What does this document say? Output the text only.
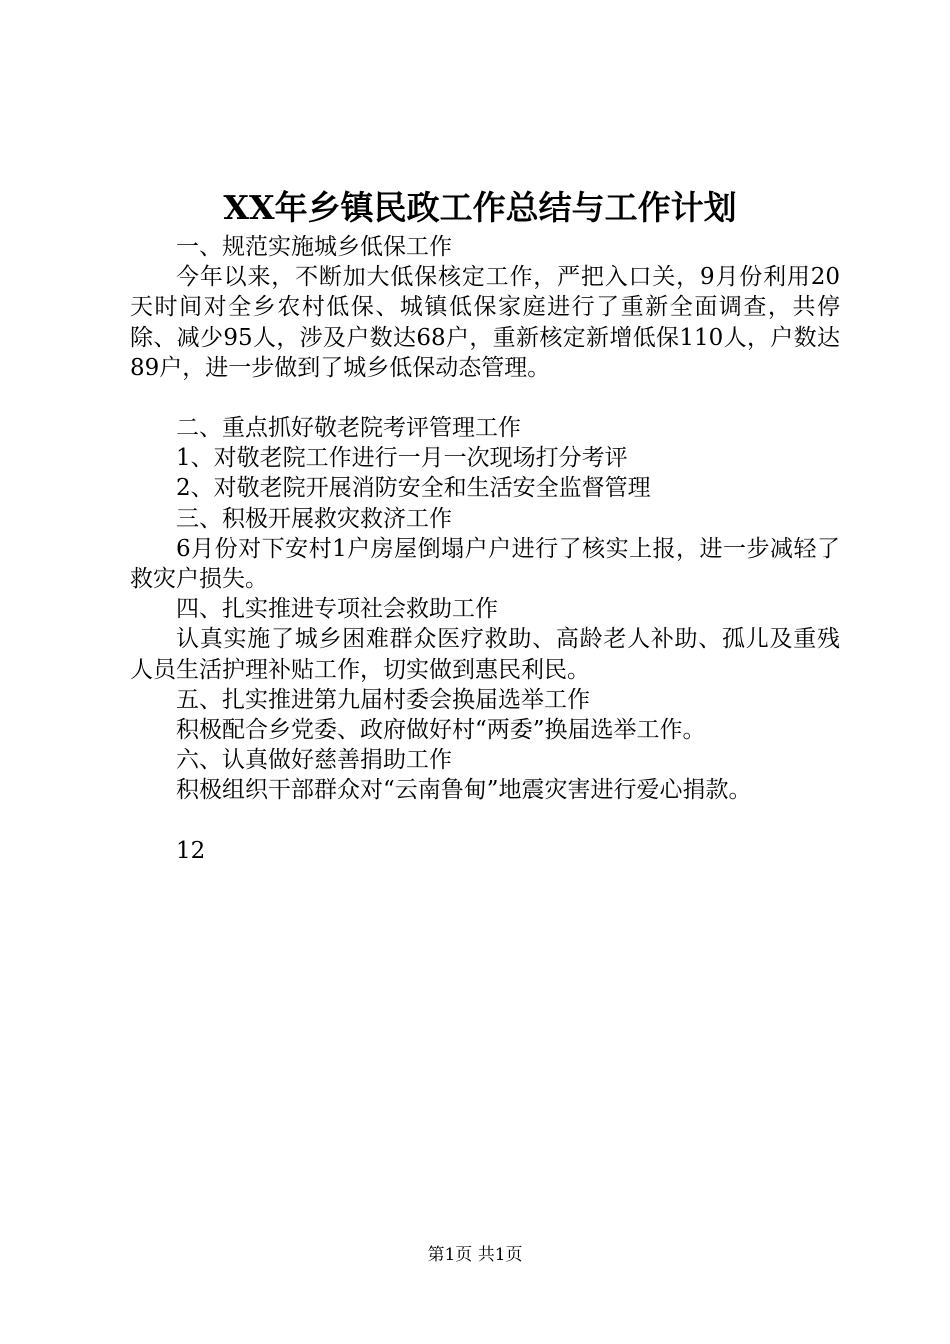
XX年乡镇民政工作总结与工作计划

一、规范实施城乡低保工作

今年以来，不断加大低保核定工作，严把入口关，9月份利用20天时间对全乡农村低保、城镇低保家庭进行了重新全面调查，共停除、减少95人，涉及户数达68户，重新核定新增低保110人，户数达89户，进一步做到了城乡低保动态管理。

二、重点抓好敬老院考评管理工作

1、对敬老院工作进行一月一次现场打分考评

2、对敬老院开展消防安全和生活安全监督管理

三、积极开展救灾救济工作

6月份对下安村1户房屋倒塌户户进行了核实上报，进一步减轻了救灾户损失。

四、扎实推进专项社会救助工作

认真实施了城乡困难群众医疗救助、高龄老人补助、孤儿及重残人员生活护理补贴工作，切实做到惠民利民。

五、扎实推进第九届村委会换届选举工作

积极配合乡党委、政府做好村“两委”换届选举工作。

六、认真做好慈善捐助工作

积极组织干部群众对“云南鲁甸”地震灾害进行爱心捐款。

12

第1页 共1页
